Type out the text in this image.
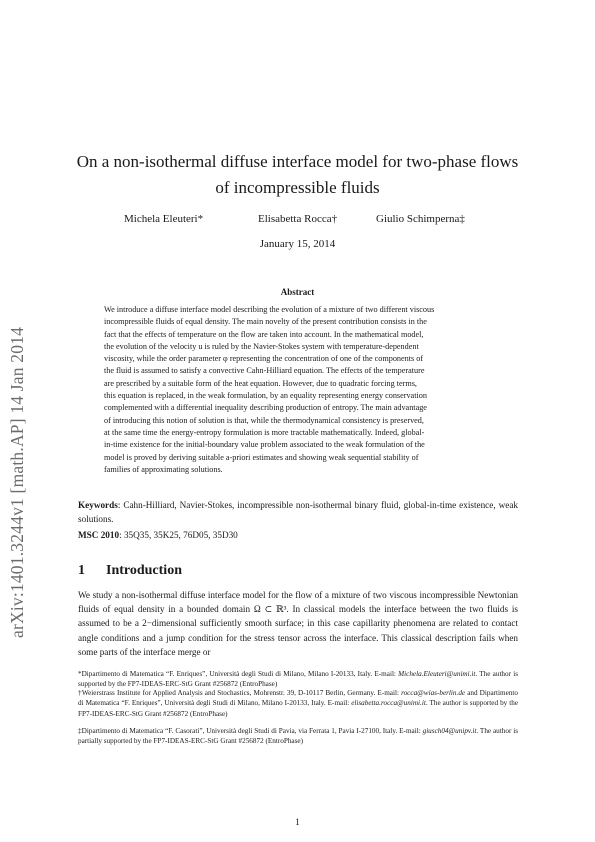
arXiv:1401.3244v1 [math.AP] 14 Jan 2014
On a non-isothermal diffuse interface model for two-phase flows
of incompressible fluids
Michela Eleuteri*	Elisabetta Rocca†	Giulio Schimperna‡
January 15, 2014
Abstract
We introduce a diffuse interface model describing the evolution of a mixture of two different viscous
incompressible fluids of equal density. The main novelty of the present contribution consists in the
fact that the effects of temperature on the flow are taken into account. In the mathematical model,
the evolution of the velocity u is ruled by the Navier-Stokes system with temperature-dependent
viscosity, while the order parameter φ representing the concentration of one of the components of
the fluid is assumed to satisfy a convective Cahn-Hilliard equation. The effects of the temperature
are prescribed by a suitable form of the heat equation. However, due to quadratic forcing terms,
this equation is replaced, in the weak formulation, by an equality representing energy conservation
complemented with a differential inequality describing production of entropy. The main advantage
of introducing this notion of solution is that, while the thermodynamical consistency is preserved,
at the same time the energy-entropy formulation is more tractable mathematically. Indeed, global-
in-time existence for the initial-boundary value problem associated to the weak formulation of the
model is proved by deriving suitable a-priori estimates and showing weak sequential stability of
families of approximating solutions.
Keywords: Cahn-Hilliard, Navier-Stokes, incompressible non-isothermal binary fluid, global-in-time existence, weak solutions.
MSC 2010: 35Q35, 35K25, 76D05, 35D30
1 Introduction
We study a non-isothermal diffuse interface model for the flow of a mixture of two viscous incompressible Newtonian fluids of equal density in a bounded domain Ω ⊂ ℝ³. In classical models the interface between the two fluids is assumed to be a 2−dimensional sufficiently smooth surface; in this case capillarity phenomena are related to contact angle conditions and a jump condition for the stress tensor across the interface. This classical description fails when some parts of the interface merge or
*Dipartimento di Matematica “F. Enriques”, Università degli Studi di Milano, Milano I-20133, Italy. E-mail: Michela.Eleuteri@unimi.it. The author is supported by the FP7-IDEAS-ERC-StG Grant #256872 (EntroPhase)
†Weierstrass Institute for Applied Analysis and Stochastics, Mohrenstr. 39, D-10117 Berlin, Germany. E-mail: rocca@wias-berlin.de and Dipartimento di Matematica “F. Enriques”, Università degli Studi di Milano, Milano I-20133, Italy. E-mail: elisabetta.rocca@unimi.it. The author is supported by the FP7-IDEAS-ERC-StG Grant #256872 (EntroPhase)
‡Dipartimento di Matematica “F. Casorati”, Università degli Studi di Pavia, via Ferrata 1, Pavia I-27100, Italy. E-mail: giusch04@unipv.it. The author is partially supported by the FP7-IDEAS-ERC-StG Grant #256872 (EntroPhase)
1
